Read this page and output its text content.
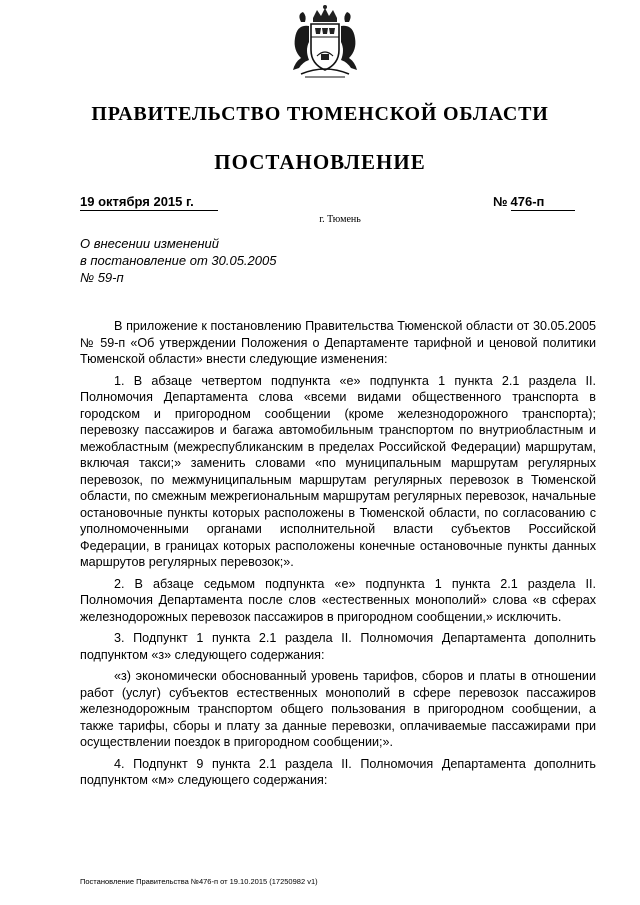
ПРАВИТЕЛЬСТВО ТЮМЕНСКОЙ ОБЛАСТИ
ПОСТАНОВЛЕНИЕ
19 октября 2015 г.	№ 476-п
г. Тюмень
О внесении изменений
в постановление от 30.05.2005
№ 59-п

В приложение к постановлению Правительства Тюменской области от 30.05.2005 № 59-п «Об утверждении Положения о Департаменте тарифной и ценовой политики Тюменской области» внести следующие изменения:

1. В абзаце четвертом подпункта «е» подпункта 1 пункта 2.1 раздела II. Полномочия Департамента слова «всеми видами общественного транспорта в городском и пригородном сообщении (кроме железнодорожного транспорта); перевозку пассажиров и багажа автомобильным транспортом по внутриобластным и межобластным (межреспубликанским в пределах Российской Федерации) маршрутам, включая такси;» заменить словами «по муниципальным маршрутам регулярных перевозок, по межмуниципальным маршрутам регулярных перевозок в Тюменской области, по смежным межрегиональным маршрутам регулярных перевозок, начальные остановочные пункты которых расположены в Тюменской области, по согласованию с уполномоченными органами исполнительной власти субъектов Российской Федерации, в границах которых расположены конечные остановочные пункты данных маршрутов регулярных перевозок;».

2. В абзаце седьмом подпункта «е» подпункта 1 пункта 2.1 раздела II. Полномочия Департамента после слов «естественных монополий» слова «в сферах железнодорожных перевозок пассажиров в пригородном сообщении,» исключить.

3. Подпункт 1 пункта 2.1 раздела II. Полномочия Департамента дополнить подпунктом «з» следующего содержания:

«з) экономически обоснованный уровень тарифов, сборов и платы в отношении работ (услуг) субъектов естественных монополий в сфере перевозок пассажиров железнодорожным транспортом общего пользования в пригородном сообщении, а также тарифы, сборы и плату за данные перевозки, оплачиваемые пассажирами при осуществлении поездок в пригородном сообщении;».

4. Подпункт 9 пункта 2.1 раздела II. Полномочия Департамента дополнить подпунктом «м» следующего содержания:

Постановление Правительства №476-п от 19.10.2015 (17250982 v1)
